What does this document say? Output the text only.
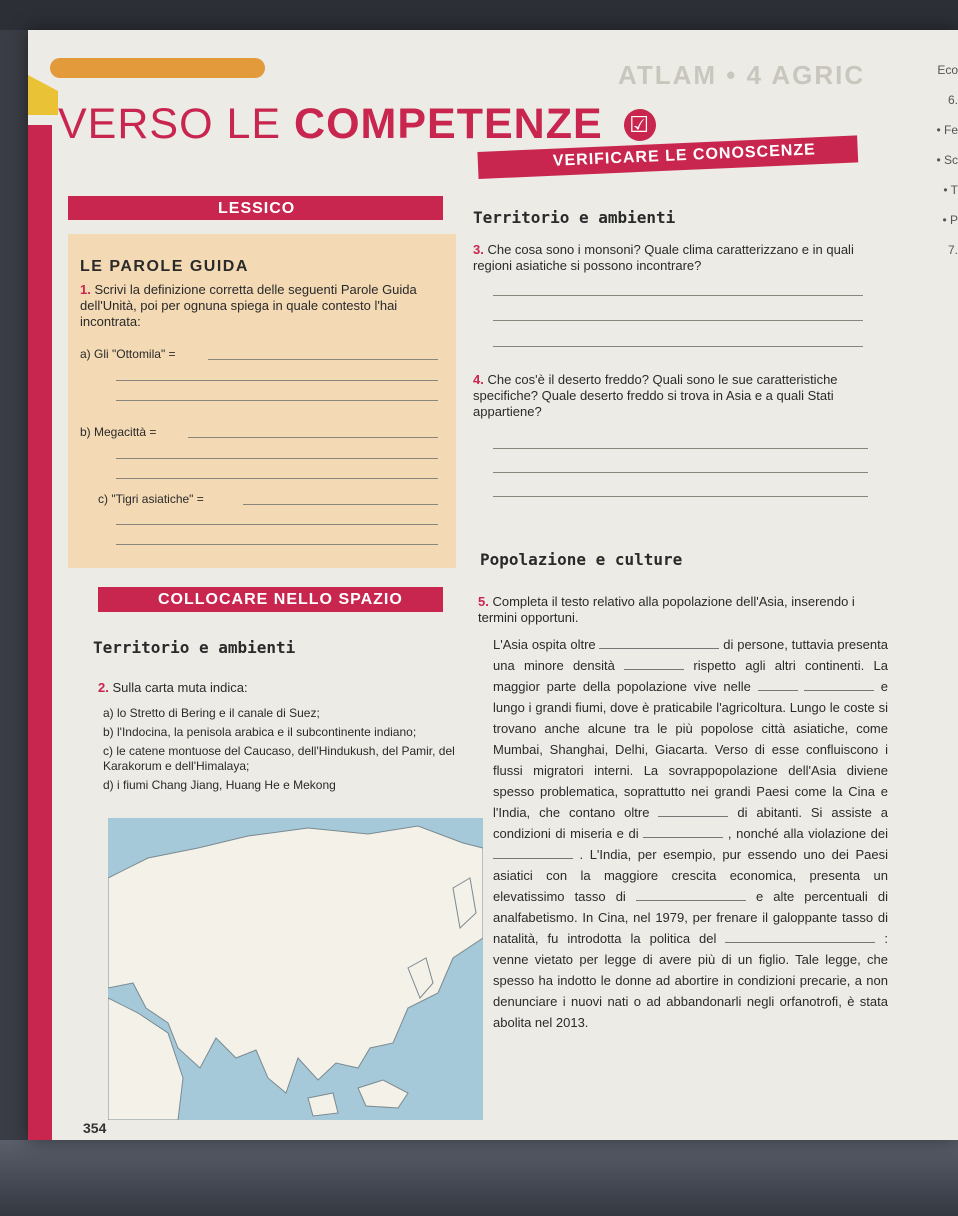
ATLAM • 4 AGRIC
VERSO LE COMPETENZE ☑
Eco
6.
• Fe
• Sc
• T
• P
7.
LESSICO
LE PAROLE GUIDA
1. Scrivi la definizione corretta delle seguenti Parole Guida dell'Unità, poi per ognuna spiega in quale contesto l'hai incontrata:
a) Gli "Ottomila" =
b) Megacittà =
c) "Tigri asiatiche" =
VERIFICARE LE CONOSCENZE
Territorio e ambienti
3. Che cosa sono i monsoni? Quale clima caratterizzano e in quali regioni asiatiche si possono incontrare?
4. Che cos'è il deserto freddo? Quali sono le sue caratteristiche specifiche? Quale deserto freddo si trova in Asia e a quali Stati appartiene?
Popolazione e culture
5. Completa il testo relativo alla popolazione dell'Asia, inserendo i termini opportuni.
L'Asia ospita oltre	di persone, tuttavia presenta una minore densità	rispetto agli altri continenti. La maggior parte della popolazione vive nelle	e lungo i grandi fiumi, dove è praticabile l'agricoltura. Lungo le coste si trovano anche alcune tra le più popolose città asiatiche, come Mumbai, Shanghai, Delhi, Giacarta. Verso di esse confluiscono i flussi migratori interni. La sovrappopolazione dell'Asia diviene spesso problematica, soprattutto nei grandi Paesi come la Cina e l'India, che contano oltre	di abitanti. Si assiste a condizioni di miseria e di	, nonché alla violazione dei  . L'India, per esempio, pur essendo uno dei Paesi asiatici con la maggiore crescita economica, presenta un elevatissimo tasso di	e alte percentuali di analfabetismo. In Cina, nel 1979, per frenare il galoppante tasso di natalità, fu introdotta la politica del	: venne vietato per legge di avere più di un figlio. Tale legge, che spesso ha indotto le donne ad abortire in condizioni precarie, a non denunciare i nuovi nati o ad abbandonarli negli orfanotrofi, è stata abolita nel 2013.
COLLOCARE NELLO SPAZIO
Territorio e ambienti
2. Sulla carta muta indica:
a) lo Stretto di Bering e il canale di Suez;
b) l'Indocina, la penisola arabica e il subcontinente indiano;
c) le catene montuose del Caucaso, dell'Hindukush, del Pamir, del Karakorum e dell'Himalaya;
d) i fiumi Chang Jiang, Huang He e Mekong
354
